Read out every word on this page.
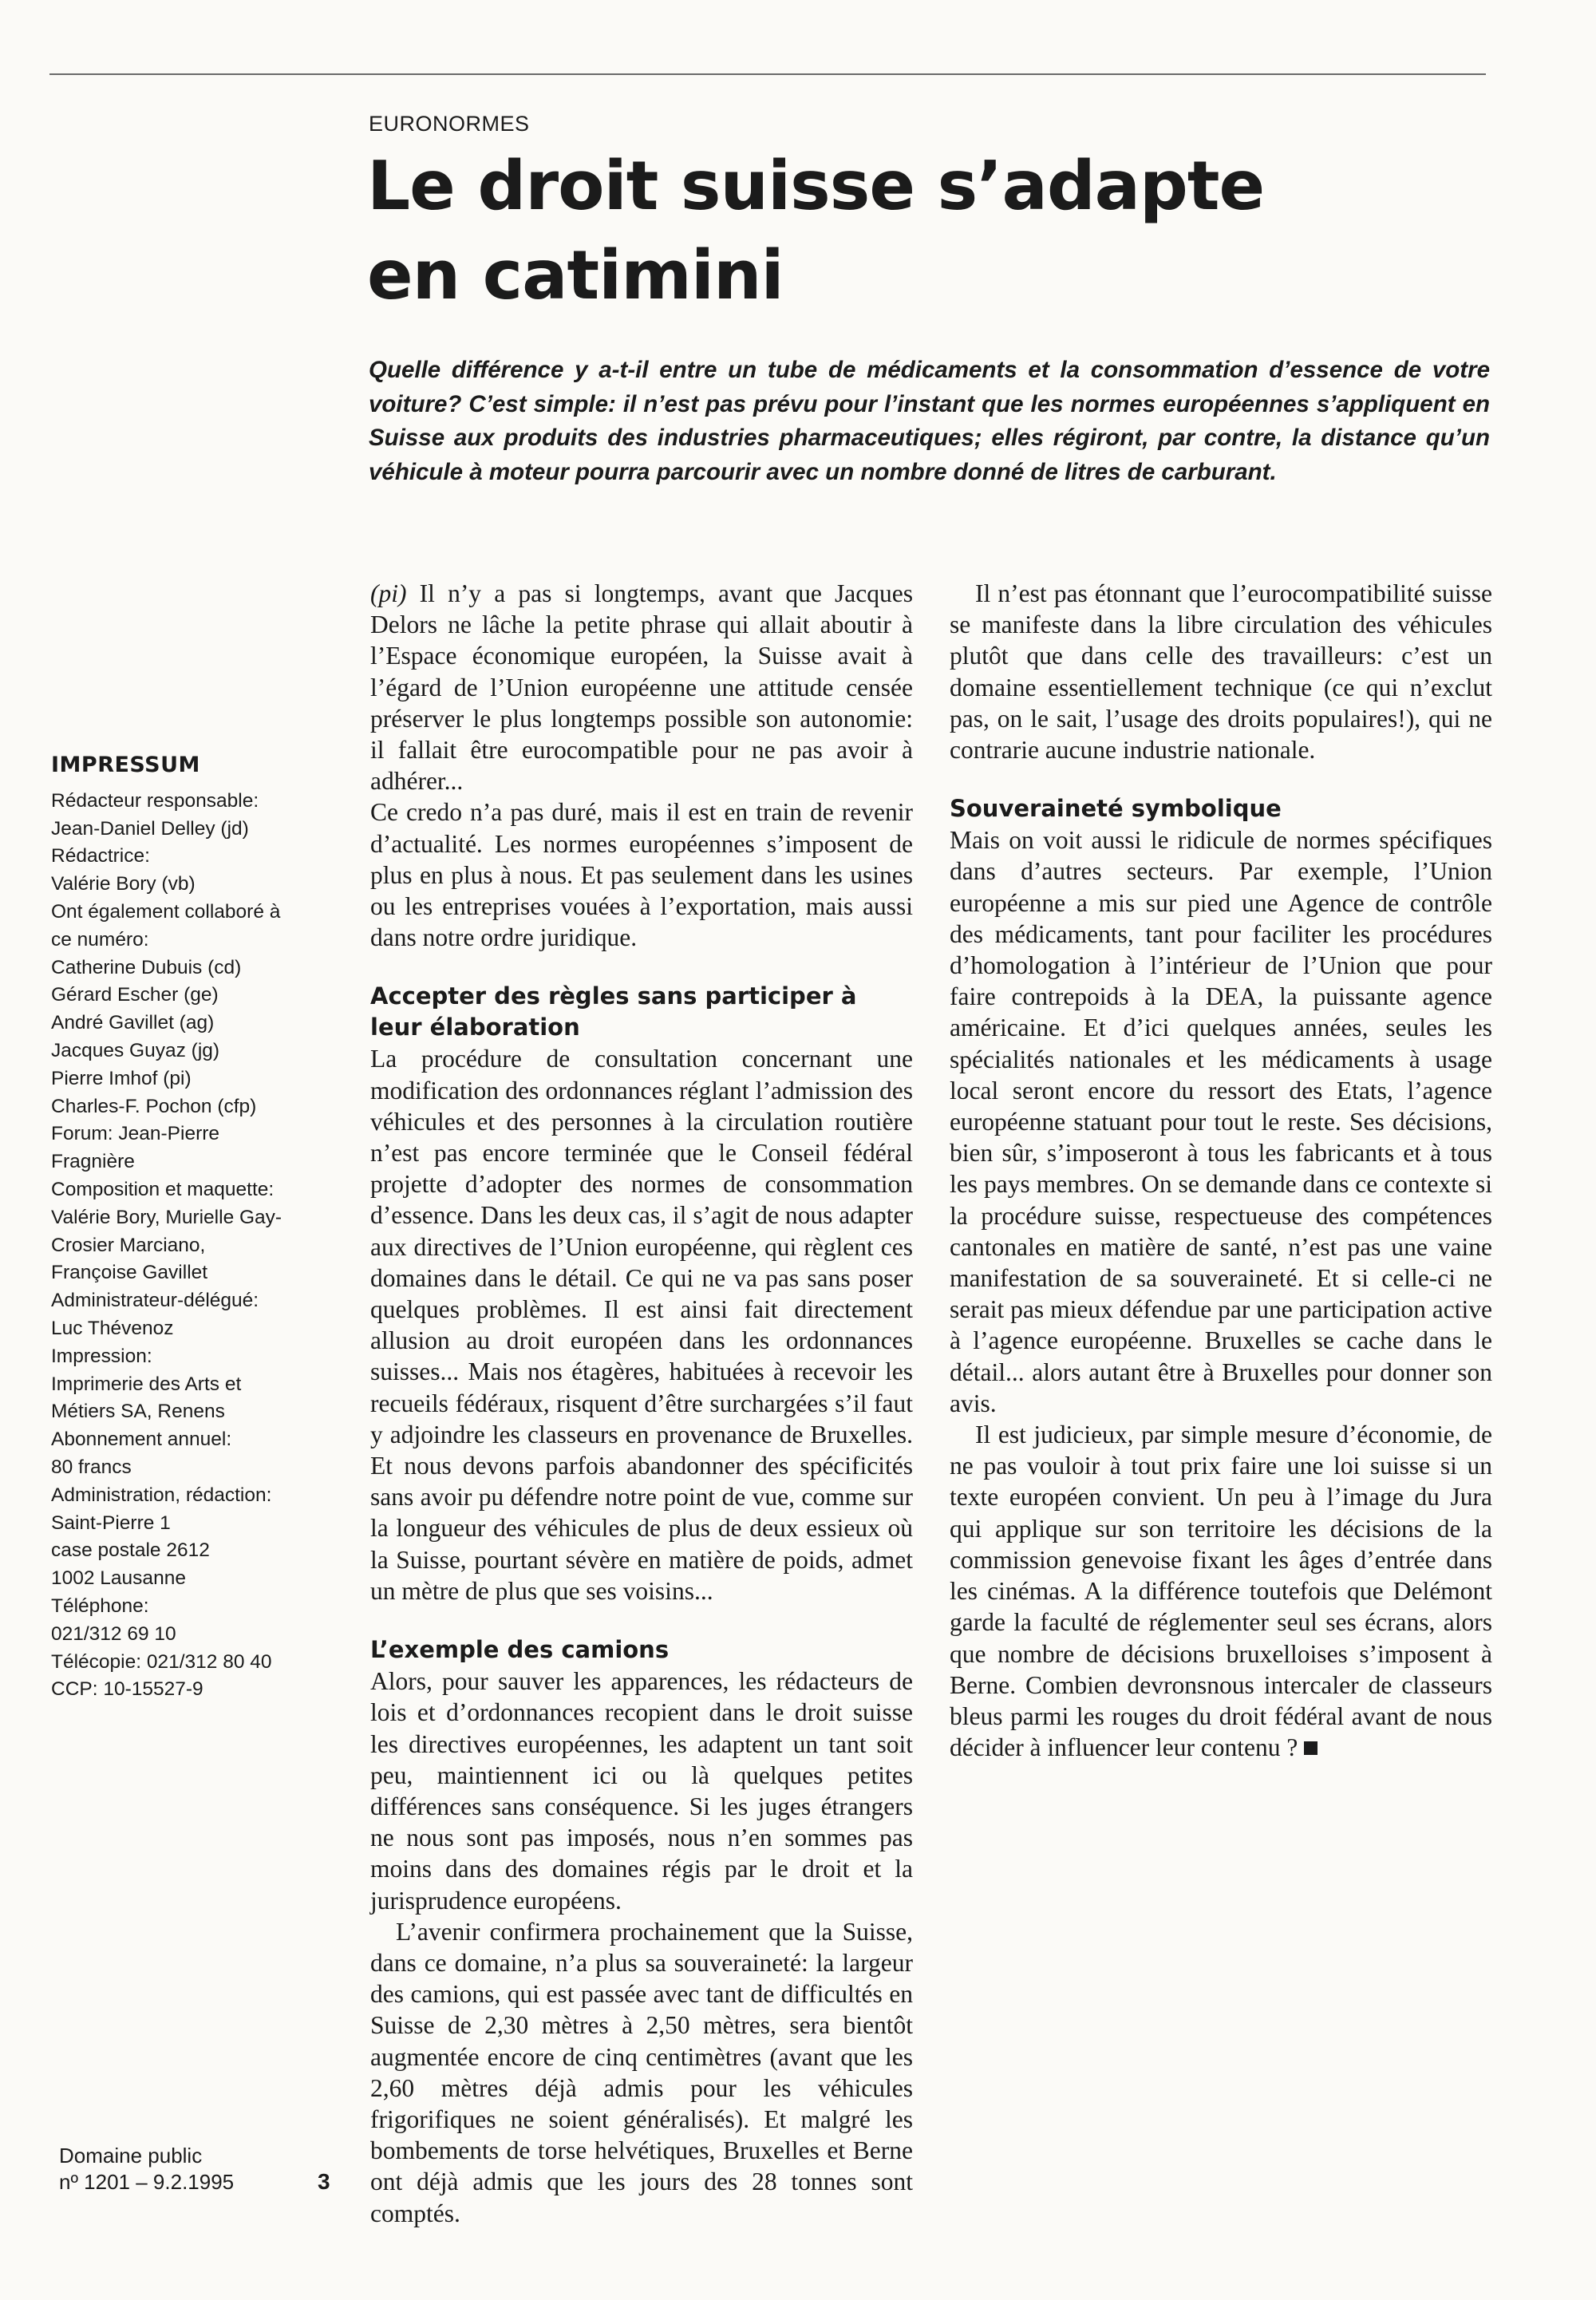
EURONORMES
Le droit suisse s’adapte
en catimini

Quelle différence y a-t-il entre un tube de médicaments et la consommation d’essence de votre voiture? C’est simple: il n’est pas prévu pour l’instant que les normes européennes s’appliquent en Suisse aux produits des industries pharmaceutiques; elles régiront, par contre, la distance qu’un véhicule à moteur pourra parcourir avec un nombre donné de litres de carburant.

(pi) Il n’y a pas si longtemps, avant que Jacques Delors ne lâche la petite phrase qui allait aboutir à l’Espace économique européen, la Suisse avait à l’égard de l’Union européenne une attitude censée préserver le plus longtemps possible son autonomie: il fallait être eurocompatible pour ne pas avoir à adhérer...

Ce credo n’a pas duré, mais il est en train de revenir d’actualité. Les normes européennes s’imposent de plus en plus à nous. Et pas seulement dans les usines ou les entreprises vouées à l’exportation, mais aussi dans notre ordre juridique.

Accepter des règles sans participer à leur élaboration

La procédure de consultation concernant une modification des ordonnances réglant l’admission des véhicules et des personnes à la circulation routière n’est pas encore terminée que le Conseil fédéral projette d’adopter des normes de consommation d’essence. Dans les deux cas, il s’agit de nous adapter aux directives de l’Union européenne, qui règlent ces domaines dans le détail. Ce qui ne va pas sans poser quelques problèmes. Il est ainsi fait directement allusion au droit européen dans les ordonnances suisses... Mais nos étagères, habituées à recevoir les recueils fédéraux, risquent d’être surchargées s’il faut y adjoindre les classeurs en provenance de Bruxelles. Et nous devons parfois abandonner des spécificités sans avoir pu défendre notre point de vue, comme sur la longueur des véhicules de plus de deux essieux où la Suisse, pourtant sévère en matière de poids, admet un mètre de plus que ses voisins...

L’exemple des camions

Alors, pour sauver les apparences, les rédacteurs de lois et d’ordonnances recopient dans le droit suisse les directives européennes, les adaptent un tant soit peu, maintiennent ici ou là quelques petites différences sans conséquence. Si les juges étrangers ne nous sont pas imposés, nous n’en sommes pas moins dans des domaines régis par le droit et la jurisprudence européens.

L’avenir confirmera prochainement que la Suisse, dans ce domaine, n’a plus sa souveraineté: la largeur des camions, qui est passée avec tant de difficultés en Suisse de 2,30 mètres à 2,50 mètres, sera bientôt augmentée encore de cinq centimètres (avant que les 2,60 mètres déjà admis pour les véhicules frigorifiques ne soient généralisés). Et malgré les bombements de torse helvétiques, Bruxelles et Berne ont déjà admis que les jours des 28 tonnes sont comptés.

Il n’est pas étonnant que l’eurocompatibilité suisse se manifeste dans la libre circulation des véhicules plutôt que dans celle des travailleurs: c’est un domaine essentiellement technique (ce qui n’exclut pas, on le sait, l’usage des droits populaires!), qui ne contrarie aucune industrie nationale.

Souveraineté symbolique

Mais on voit aussi le ridicule de normes spécifiques dans d’autres secteurs. Par exemple, l’Union européenne a mis sur pied une Agence de contrôle des médicaments, tant pour faciliter les procédures d’homologation à l’intérieur de l’Union que pour faire contrepoids à la DEA, la puissante agence américaine. Et d’ici quelques années, seules les spécialités nationales et les médicaments à usage local seront encore du ressort des Etats, l’agence européenne statuant pour tout le reste. Ses décisions, bien sûr, s’imposeront à tous les fabricants et à tous les pays membres. On se demande dans ce contexte si la procédure suisse, respectueuse des compétences cantonales en matière de santé, n’est pas une vaine manifestation de sa souveraineté. Et si celle-ci ne serait pas mieux défendue par une participation active à l’agence européenne. Bruxelles se cache dans le détail... alors autant être à Bruxelles pour donner son avis.

Il est judicieux, par simple mesure d’économie, de ne pas vouloir à tout prix faire une loi suisse si un texte européen convient. Un peu à l’image du Jura qui applique sur son territoire les décisions de la commission genevoise fixant les âges d’entrée dans les cinémas. A la différence toutefois que Delémont garde la faculté de réglementer seul ses écrans, alors que nombre de décisions bruxelloises s’imposent à Berne. Combien devronsnous intercaler de classeurs bleus parmi les rouges du droit fédéral avant de nous décider à influencer leur contenu ?

IMPRESSUM
Rédacteur responsable:
Jean-Daniel Delley (jd)
Rédactrice:
Valérie Bory (vb)
Ont également collaboré à
ce numéro:
Catherine Dubuis (cd)
Gérard Escher (ge)
André Gavillet (ag)
Jacques Guyaz (jg)
Pierre Imhof (pi)
Charles-F. Pochon (cfp)
Forum: Jean-Pierre
Fragnière
Composition et maquette:
Valérie Bory, Murielle Gay-
Crosier Marciano,
Françoise Gavillet
Administrateur-délégué:
Luc Thévenoz
Impression:
Imprimerie des Arts et
Métiers SA, Renens
Abonnement annuel:
80 francs
Administration, rédaction:
Saint-Pierre 1
case postale 2612
1002 Lausanne
Téléphone:
021/312 69 10
Télécopie: 021/312 80 40
CCP: 10-15527-9
Domaine public
nº 1201 – 9.2.1995	3
